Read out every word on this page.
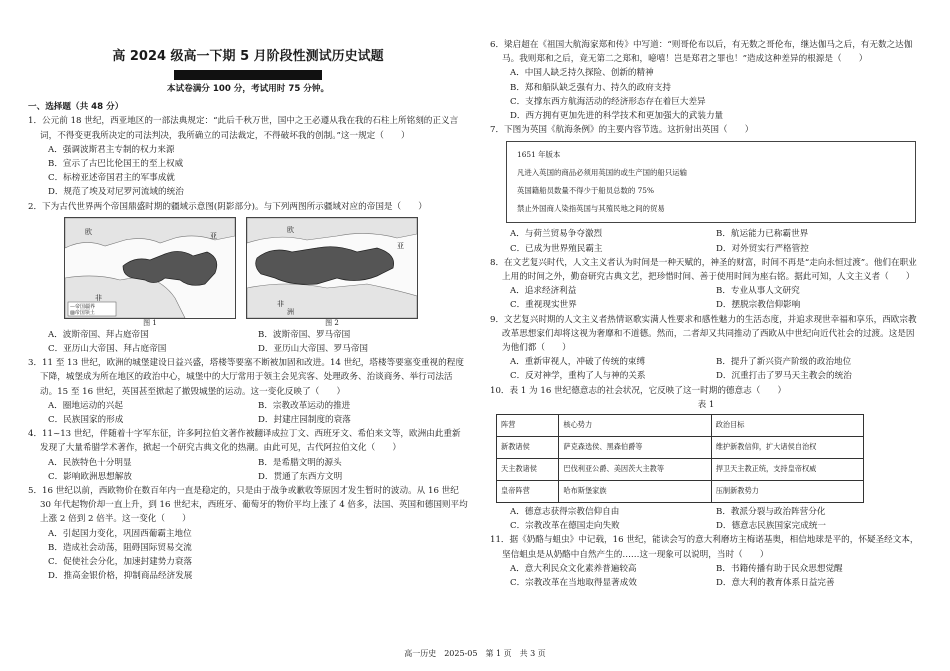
高 2024 级高一下期 5 月阶段性测试历史试题
本试卷满分 100 分，考试用时 75 分钟。
一、选择题（共 48 分）

1．公元前 18 世纪，西亚地区的一部法典规定：“此后千秋万世，国中之王必遵从我在我的石柱上所铭刻的正义言词，不得变更我所决定的司法判决，我所确立的司法裁定，不得破坏我的创制。”这一规定（　　）

A．强调波斯君主专制的权力来源

B．宣示了古巴比伦国王的至上权威

C．标榜亚述帝国君主的军事成就

D．规范了埃及对尼罗河流域的统治

2．下为古代世界两个帝国鼎盛时期的疆域示意图(阴影部分)。与下列两图所示疆域对应的帝国是（　　）

欧
非
亚
—帝国疆界
▨帝国领土
欧
非
洲
亚
图 1	图 2
A．波斯帝国、拜占庭帝国	B．波斯帝国、罗马帝国
C．亚历山大帝国、拜占庭帝国	D．亚历山大帝国、罗马帝国

3．11 至 13 世纪，欧洲的城堡建设日益兴盛，塔楼等要塞不断被加固和改进。14 世纪，塔楼等要塞变重视的程度下降，城堡成为所在地区的政治中心，城堡中的大厅常用于领主会见宾客、处理政务、治谈商务、举行司法活动。15 至 16 世纪，英国甚至掀起了撤毁城堡的运动。这一变化反映了（　　）

A．圈地运动的兴起	B．宗教改革运动的推进
C．民族国家的形成	D．封建庄园制度的衰落

4．11~13 世纪，伴随着十字军东征，许多阿拉伯文著作被翻译成拉丁文、西班牙文、希伯来文等，欧洲由此重新发现了大量希腊学术著作，掀起一个研究古典文化的热潮。由此可见，古代阿拉伯文化（　　）

A．民族特色十分明显	B．是希腊文明的源头
C．影响欧洲思想解放	D．贯通了东西方文明

5．16 世纪以前，西欧物价在数百年内一直是稳定的，只是由于战争或歉收等原因才发生暂时的波动。从 16 世纪 30 年代起物价却一直上升，到 16 世纪末，西班牙、葡萄牙的物价平均上涨了 4 倍多，法国、英国和德国则平均上涨 2 倍到 2 倍半。这一变化（　　）

A．引起国力变化，巩固西葡霸主地位

B．造成社会动荡，阻碍国际贸易交流

C．促使社会分化，加速封建势力衰落

D．推高金银价格，抑制商品经济发展

6．梁启超在《祖国大航海家郑和传》中写道：“则哥伦布以后，有无数之哥伦布，继达伽马之后，有无数之达伽马。我则郑和之后，竟无第二之郑和，噫嘻！岂是郑君之罪也！”造成这种差异的根源是（　　）

A．中国人缺乏持久探险、创新的精神

B．郑和船队缺乏强有力、持久的政府支持

C．支撑东西方航海活动的经济形态存在着巨大差异

D．西方拥有更加先进的科学技术和更加强大的武装力量

7．下图为英国《航海条例》的主要内容节选。这折射出英国（　　）

1651 年版本
凡进入英国的商品必须用英国的或生产国的船只运输
英国籍船员数量不得少于船员总数的 75%
禁止外国商人染指英国与其殖民地之间的贸易
A．与荷兰贸易争夺激烈	B．航运能力已称霸世界
C．已成为世界殖民霸主	D．对外贸实行严格管控

8．在文艺复兴时代，人文主义者认为时间是一种天赋的，神圣的财富，时间不再是“走向永恒过渡”。他们在职业上用的时间之外，勤奋研究古典文艺，把珍惜时间、善于使用时间为座右铭。据此可知，人文主义者（　　）

A．追求经济利益	B．专业从事人文研究
C．重视现实世界	D．摆脱宗教信仰影响

9．文艺复兴时期的人文主义者热情讴歌实满人性要求和感性魅力的生活态度，并追求现世幸福和享乐，西欧宗教改革思想家们却将这视为奢靡和不道德。然而，二者却又共同推动了西欧从中世纪向近代社会的过渡。这是因为他们都（　　）

A．重新审视人，冲破了传统的束缚	B．提升了新兴资产阶级的政治地位
C．反对神学，重构了人与神的关系	D．沉重打击了罗马天主教会的统治

10．表 1 为 16 世纪德意志的社会状况，它反映了这一时期的德意志（　　）

表 1
阵营	核心势力	政治目标
新教诸侯	萨克森选侯、黑森伯爵等	维护新教信仰，扩大诸侯自治权
天主教诸侯	巴伐利亚公爵、美因茨大主教等	捍卫天主教正统，支持皇帝权威
皇帝阵营	哈布斯堡家族	压制新教势力
A．德意志获得宗教信仰自由	B．教派分裂与政治阵营分化
C．宗教改革在德国走向失败	D．德意志民族国家完成统一

11．据《奶酪与蛆虫》中记载，16 世纪，能读会写的意大利磨坊主梅诺基奥，相信地球是平的，怀疑圣经文本，坚信蛆虫是从奶酪中自然产生的……这一现象可以说明，当时（　　）

A．意大利民众文化素养普遍较高	B．书籍传播有助于民众思想觉醒
C．宗教改革在当地取得显著成效	D．意大利的教育体系日益完善
高一历史　2025-05　第 1 页　共 3 页
